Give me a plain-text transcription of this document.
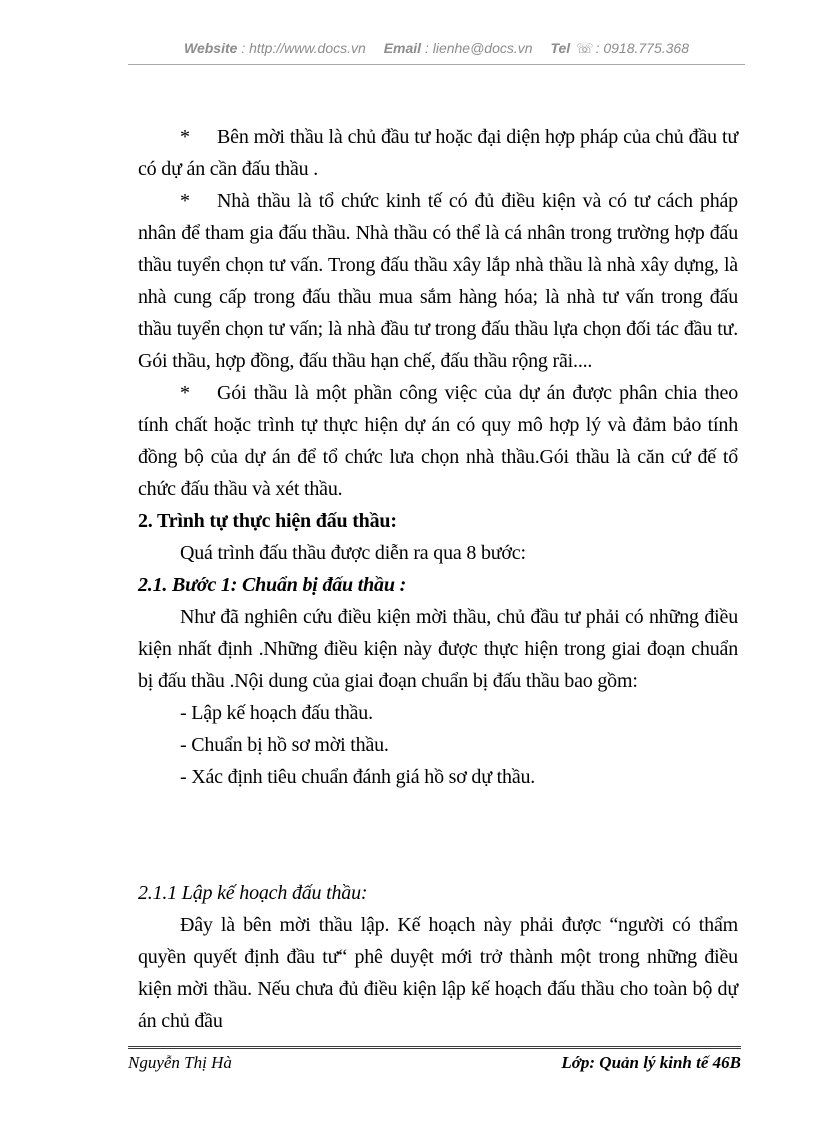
Website : http://www.docs.vn Email : lienhe@docs.vn Tel ☏ : 0918.775.368

* Bên mời thầu là chủ đầu tư hoặc đại diện hợp pháp của chủ đầu tư có dự án cần đấu thầu .

* Nhà thầu là tổ chức kinh tế có đủ điều kiện và có tư cách pháp nhân để tham gia đấu thầu. Nhà thầu có thể là cá nhân trong trường hợp đấu thầu tuyển chọn tư vấn. Trong đấu thầu xây lắp nhà thầu là nhà xây dựng, là nhà cung cấp trong đấu thầu mua sắm hàng hóa; là nhà tư vấn trong đấu thầu tuyển chọn tư vấn; là nhà đầu tư trong đấu thầu lựa chọn đối tác đầu tư. Gói thầu, hợp đồng, đấu thầu hạn chế, đấu thầu rộng rãi....

* Gói thầu là một phần công việc của dự án được phân chia theo tính chất hoặc trình tự thực hiện dự án có quy mô hợp lý và đảm bảo tính đồng bộ của dự án để tổ chức lưa chọn nhà thầu.Gói thầu là căn cứ đế tổ chức đấu thầu và xét thầu.

2. Trình tự thực hiện đấu thầu:

Quá trình đấu thầu được diễn ra qua 8 bước:

2.1. Bước 1: Chuẩn bị đấu thầu :

Như đã nghiên cứu điều kiện mời thầu, chủ đầu tư phải có những điều kiện nhất định .Những điều kiện này được thực hiện trong giai đoạn chuẩn bị đấu thầu .Nội dung của giai đoạn chuẩn bị đấu thầu bao gồm:

- Lập kế hoạch đấu thầu.

- Chuẩn bị hồ sơ mời thầu.

- Xác định tiêu chuẩn đánh giá hồ sơ dự thầu.

2.1.1 Lập kế hoạch đấu thầu:

Đây là bên mời thầu lập. Kế hoạch này phải được “người có thẩm quyền quyết định đầu tư“ phê duyệt mới trở thành một trong những điều kiện mời thầu. Nếu chưa đủ điều kiện lập kế hoạch đấu thầu cho toàn bộ dự án chủ đầu

Nguyễn Thị Hà	Lớp: Quản lý kinh tế 46B
